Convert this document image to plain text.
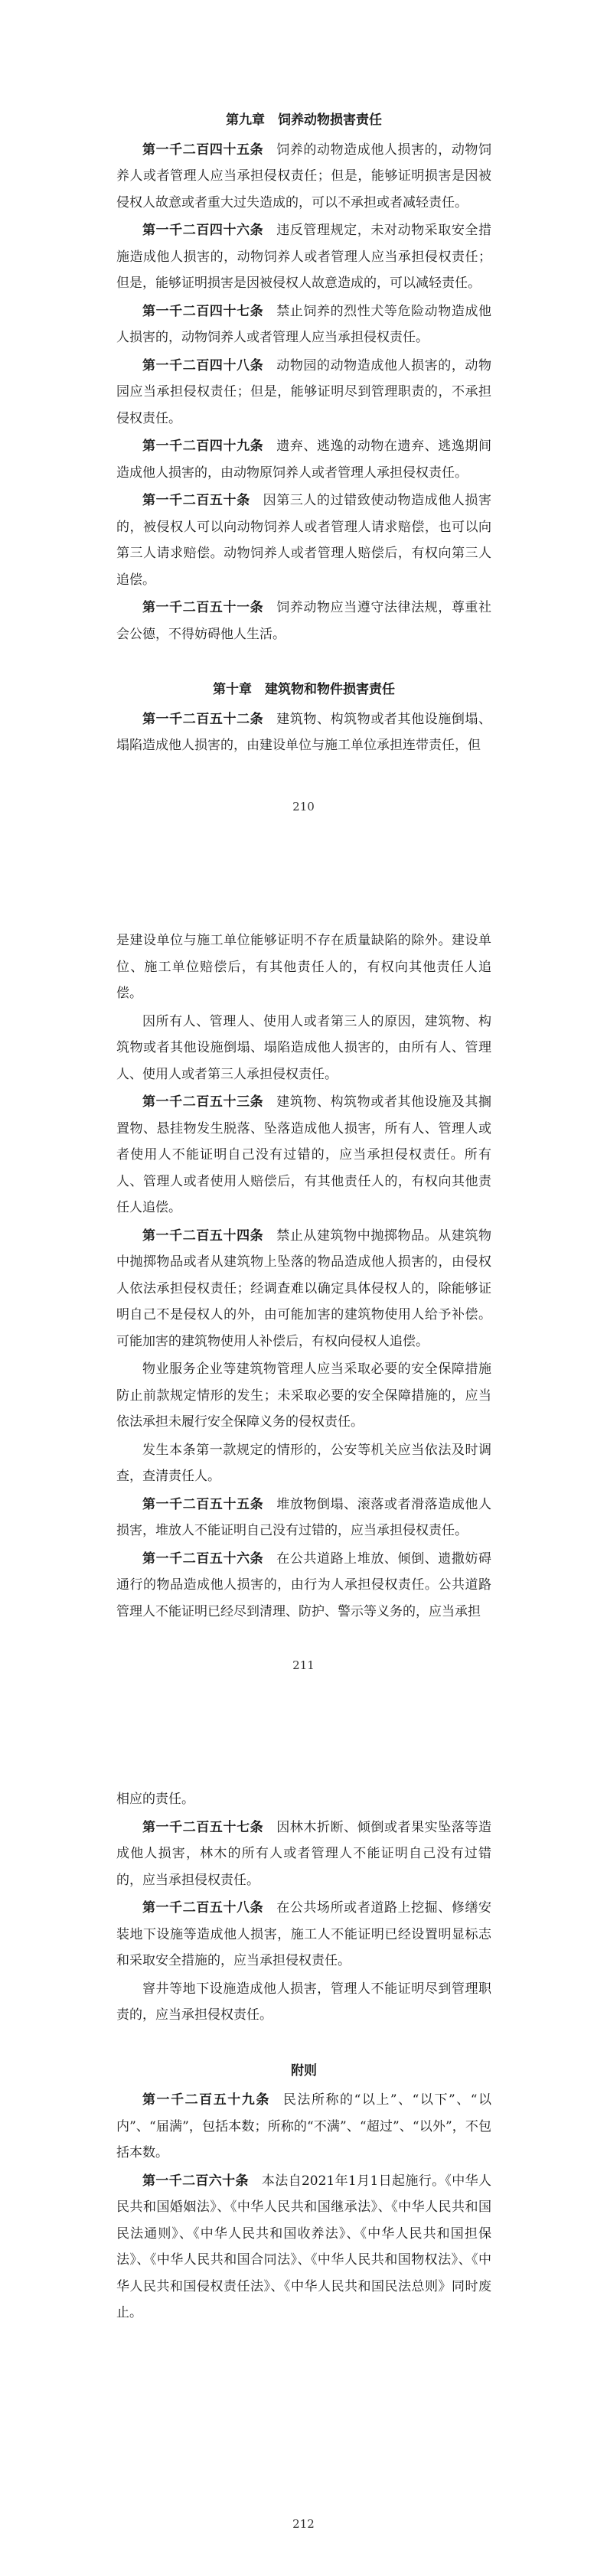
第九章　饲养动物损害责任

第一千二百四十五条 饲养的动物造成他人损害的，动物饲养人或者管理人应当承担侵权责任；但是，能够证明损害是因被侵权人故意或者重大过失造成的，可以不承担或者减轻责任。

第一千二百四十六条 违反管理规定，未对动物采取安全措施造成他人损害的，动物饲养人或者管理人应当承担侵权责任；但是，能够证明损害是因被侵权人故意造成的，可以减轻责任。

第一千二百四十七条 禁止饲养的烈性犬等危险动物造成他人损害的，动物饲养人或者管理人应当承担侵权责任。

第一千二百四十八条 动物园的动物造成他人损害的，动物园应当承担侵权责任；但是，能够证明尽到管理职责的，不承担侵权责任。

第一千二百四十九条 遗弃、逃逸的动物在遗弃、逃逸期间造成他人损害的，由动物原饲养人或者管理人承担侵权责任。

第一千二百五十条 因第三人的过错致使动物造成他人损害的，被侵权人可以向动物饲养人或者管理人请求赔偿，也可以向第三人请求赔偿。动物饲养人或者管理人赔偿后，有权向第三人追偿。

第一千二百五十一条 饲养动物应当遵守法律法规，尊重社会公德，不得妨碍他人生活。

第十章　建筑物和物件损害责任

第一千二百五十二条 建筑物、构筑物或者其他设施倒塌、塌陷造成他人损害的，由建设单位与施工单位承担连带责任，但

210

是建设单位与施工单位能够证明不存在质量缺陷的除外。建设单位、施工单位赔偿后，有其他责任人的，有权向其他责任人追偿。

因所有人、管理人、使用人或者第三人的原因，建筑物、构筑物或者其他设施倒塌、塌陷造成他人损害的，由所有人、管理人、使用人或者第三人承担侵权责任。

第一千二百五十三条 建筑物、构筑物或者其他设施及其搁置物、悬挂物发生脱落、坠落造成他人损害，所有人、管理人或者使用人不能证明自己没有过错的，应当承担侵权责任。所有人、管理人或者使用人赔偿后，有其他责任人的，有权向其他责任人追偿。

第一千二百五十四条 禁止从建筑物中抛掷物品。从建筑物中抛掷物品或者从建筑物上坠落的物品造成他人损害的，由侵权人依法承担侵权责任；经调查难以确定具体侵权人的，除能够证明自己不是侵权人的外，由可能加害的建筑物使用人给予补偿。可能加害的建筑物使用人补偿后，有权向侵权人追偿。

物业服务企业等建筑物管理人应当采取必要的安全保障措施防止前款规定情形的发生；未采取必要的安全保障措施的，应当依法承担未履行安全保障义务的侵权责任。

发生本条第一款规定的情形的，公安等机关应当依法及时调查，查清责任人。

第一千二百五十五条 堆放物倒塌、滚落或者滑落造成他人损害，堆放人不能证明自己没有过错的，应当承担侵权责任。

第一千二百五十六条 在公共道路上堆放、倾倒、遗撒妨碍通行的物品造成他人损害的，由行为人承担侵权责任。公共道路管理人不能证明已经尽到清理、防护、警示等义务的，应当承担

211

相应的责任。

第一千二百五十七条 因林木折断、倾倒或者果实坠落等造成他人损害，林木的所有人或者管理人不能证明自己没有过错的，应当承担侵权责任。

第一千二百五十八条 在公共场所或者道路上挖掘、修缮安装地下设施等造成他人损害，施工人不能证明已经设置明显标志和采取安全措施的，应当承担侵权责任。

窨井等地下设施造成他人损害，管理人不能证明尽到管理职责的，应当承担侵权责任。

附则

第一千二百五十九条 民法所称的“以上”、“以下”、“以内”、“届满”，包括本数；所称的“不满”、“超过”、“以外”，不包括本数。

第一千二百六十条 本法自2021年1月1日起施行。《中华人民共和国婚姻法》、《中华人民共和国继承法》、《中华人民共和国民法通则》、《中华人民共和国收养法》、《中华人民共和国担保法》、《中华人民共和国合同法》、《中华人民共和国物权法》、《中华人民共和国侵权责任法》、《中华人民共和国民法总则》同时废止。

212
